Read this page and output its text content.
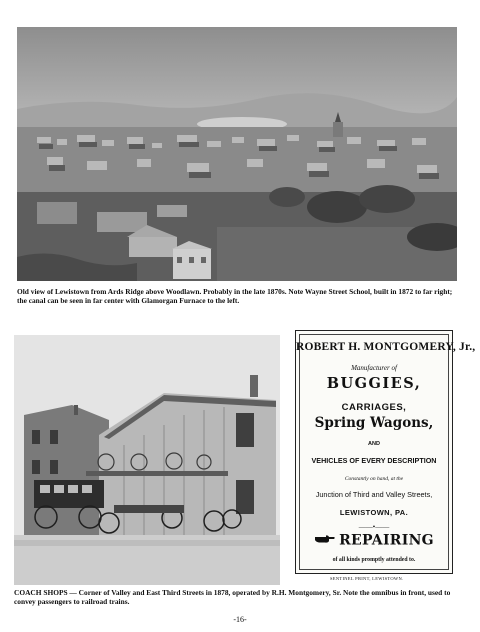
Old view of Lewistown from Ards Ridge above Woodlawn. Probably in the late 1870s. Note Wayne Street School, built in 1872 to far right; the canal can be seen in far center with Glamorgan Furnace to the left.
COACH SHOPS — Corner of Valley and East Third Streets in 1878, operated by R.H. Montgomery, Sr. Note the omnibus in front, used to convey passengers to railroad trains.
ROBERT H. MONTGOMERY, Jr.,
Manufacturer of
BUGGIES,
CARRIAGES,
Spring Wagons,
AND
VEHICLES OF EVERY DESCRIPTION
Constantly on hand, at the
Junction of Third and Valley Streets,
LEWISTOWN, PA.
——•——
REPAIRING
of all kinds promptly attended to.
SENTINEL PRINT, LEWISTOWN.
-16-
